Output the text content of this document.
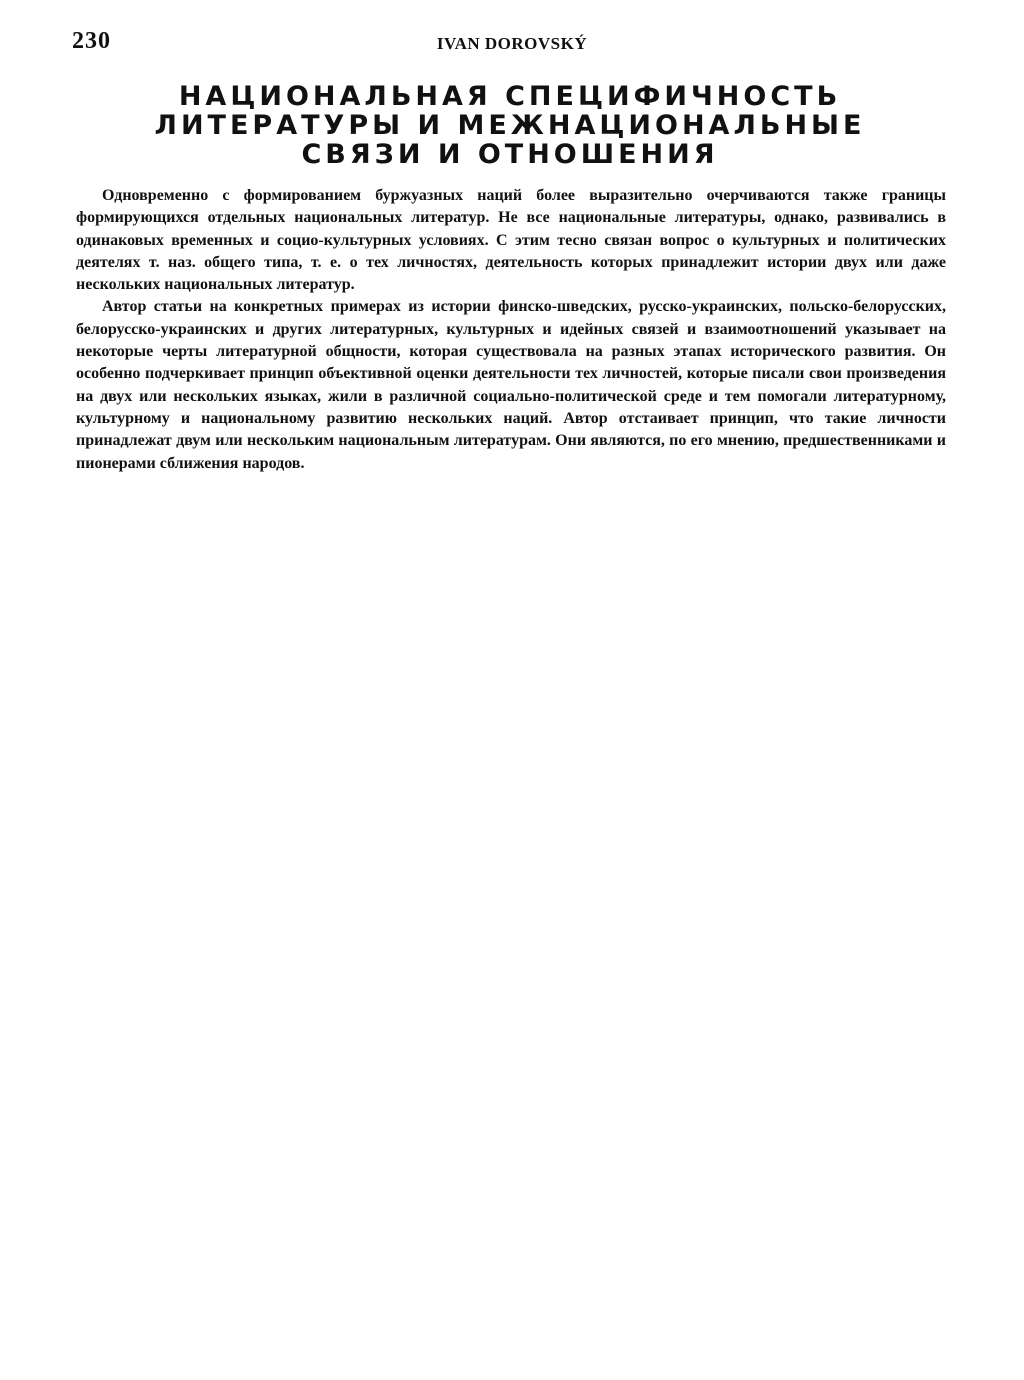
230	IVAN DOROVSKÝ
НАЦИОНАЛЬНАЯ СПЕЦИФИЧНОСТЬ
ЛИТЕРАТУРЫ И МЕЖНАЦИОНАЛЬНЫЕ
СВЯЗИ И ОТНОШЕНИЯ

Одновременно с формированием буржуазных наций более выразительно очерчиваются также границы формирующихся отдельных национальных литератур. Не все национальные литературы, однако, развивались в одинаковых временных и социо-культурных условиях. С этим тесно связан вопрос о культурных и политических деятелях т. наз. общего типа, т. е. о тех личностях, деятельность которых принадлежит истории двух или даже нескольких национальных литератур.

Автор статьи на конкретных примерах из истории финско-шведских, русско-украинских, польско-белорусских, белорусско-украинских и других литературных, культурных и идейных связей и взаимоотношений указывает на некоторые черты литературной общности, которая существовала на разных этапах исторического развития. Он особенно подчеркивает принцип объективной оценки деятельности тех личностей, которые писали свои произведения на двух или нескольких языках, жили в различной социально-политической среде и тем помогали литературному, культурному и национальному развитию нескольких наций. Автор отстаивает принцип, что такие личности принадлежат двум или нескольким национальным литературам. Они являются, по его мнению, предшественниками и пионерами сближения народов.
